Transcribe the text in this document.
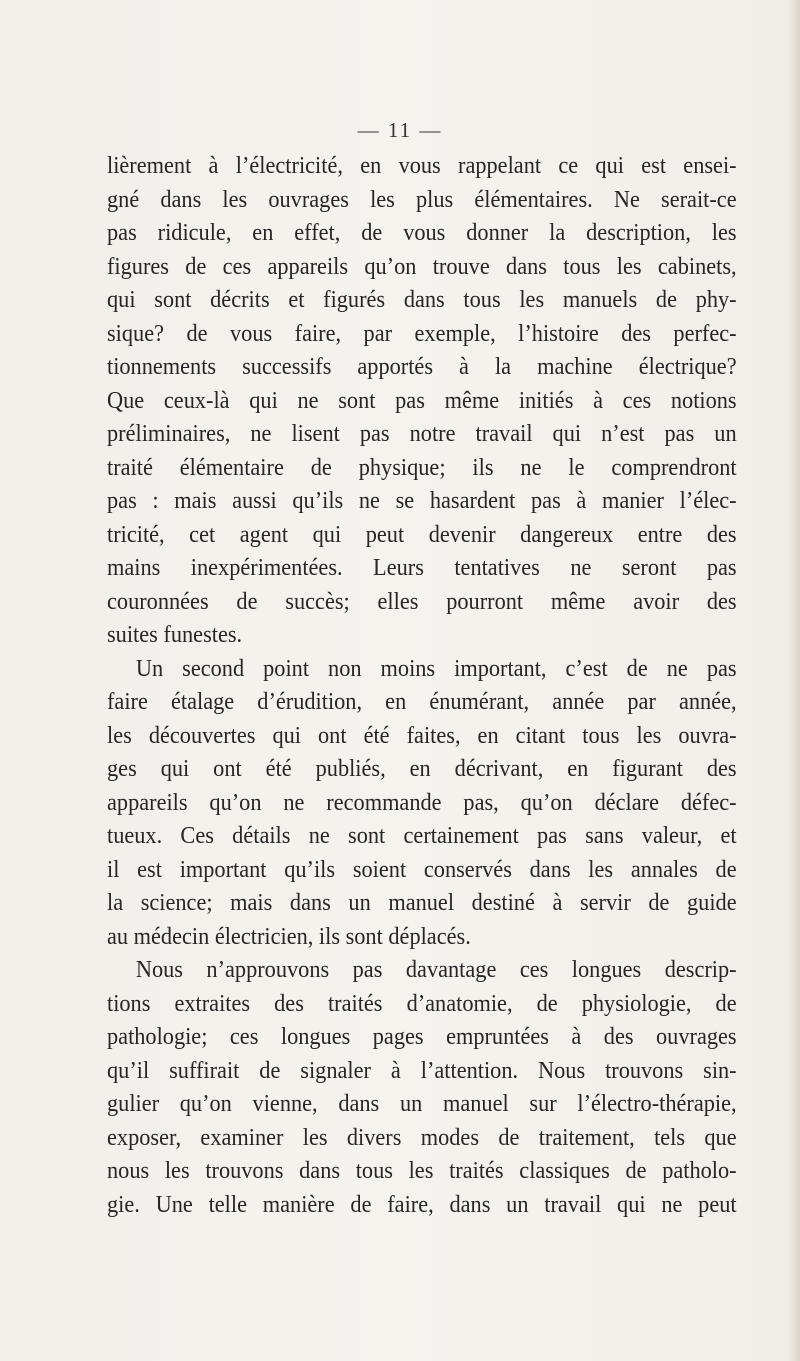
— 11 —
lièrement à l’électricité, en vous rappelant ce qui est ensei-
gné dans les ouvrages les plus élémentaires. Ne serait-ce
pas ridicule, en effet, de vous donner la description, les
figures de ces appareils qu’on trouve dans tous les cabinets,
qui sont décrits et figurés dans tous les manuels de phy-
sique? de vous faire, par exemple, l’histoire des perfec-
tionnements successifs apportés à la machine électrique?
Que ceux-là qui ne sont pas même initiés à ces notions
préliminaires, ne lisent pas notre travail qui n’est pas un
traité élémentaire de physique; ils ne le comprendront
pas : mais aussi qu’ils ne se hasardent pas à manier l’élec-
tricité, cet agent qui peut devenir dangereux entre des
mains inexpérimentées. Leurs tentatives ne seront pas
couronnées de succès; elles pourront même avoir des
suites funestes.
Un second point non moins important, c’est de ne pas
faire étalage d’érudition, en énumérant, année par année,
les découvertes qui ont été faites, en citant tous les ouvra-
ges qui ont été publiés, en décrivant, en figurant des
appareils qu’on ne recommande pas, qu’on déclare défec-
tueux. Ces détails ne sont certainement pas sans valeur, et
il est important qu’ils soient conservés dans les annales de
la science; mais dans un manuel destiné à servir de guide
au médecin électricien, ils sont déplacés.
Nous n’approuvons pas davantage ces longues descrip-
tions extraites des traités d’anatomie, de physiologie, de
pathologie; ces longues pages empruntées à des ouvrages
qu’il suffirait de signaler à l’attention. Nous trouvons sin-
gulier qu’on vienne, dans un manuel sur l’électro-thérapie,
exposer, examiner les divers modes de traitement, tels que
nous les trouvons dans tous les traités classiques de patholo-
gie. Une telle manière de faire, dans un travail qui ne peut
